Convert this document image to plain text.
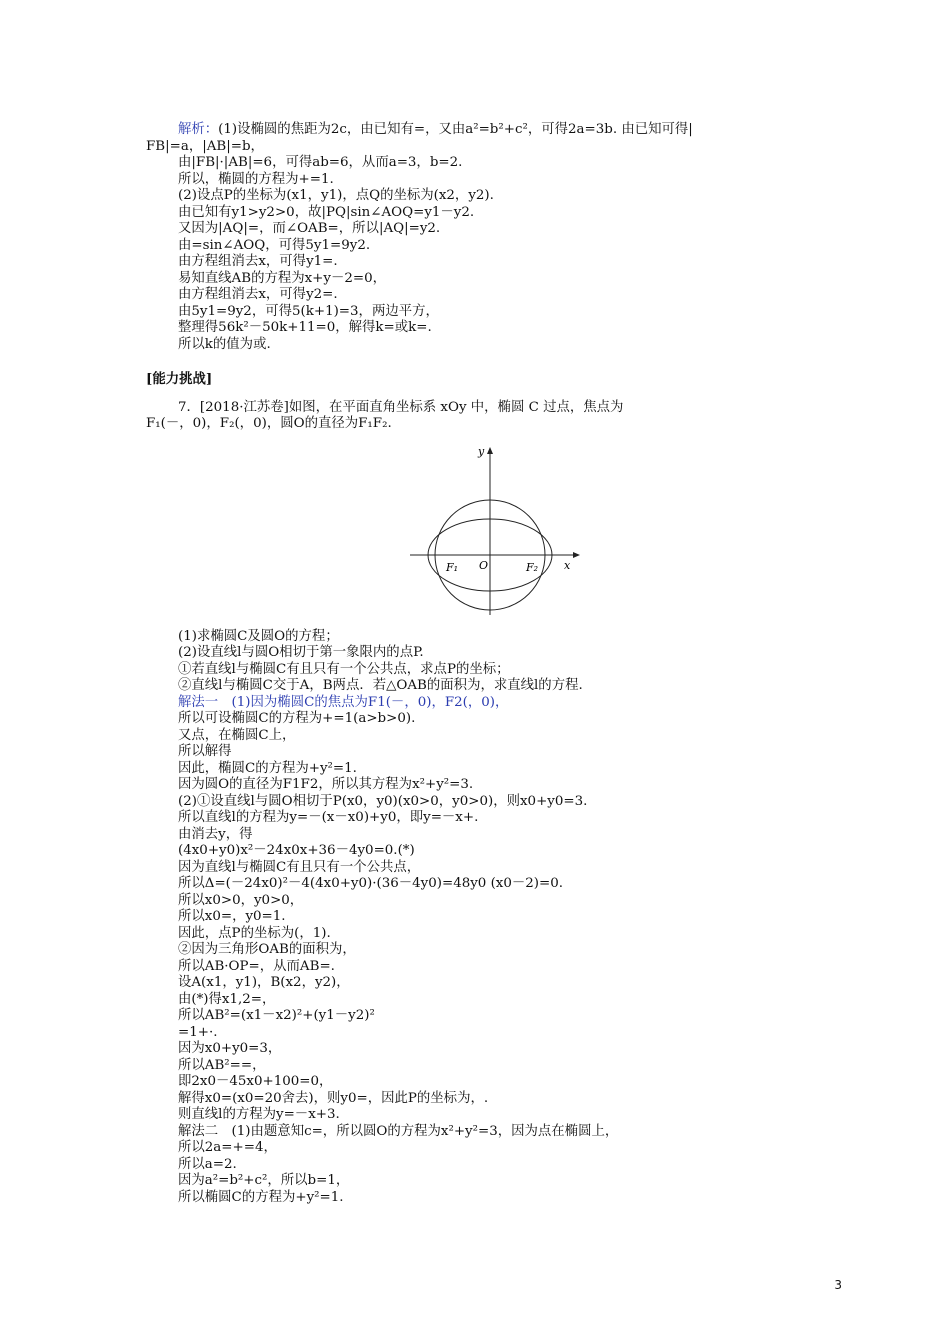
解析：(1)设椭圆的焦距为2c，由已知有=，又由a²=b²+c²，可得2a=3b. 由已知可得|
FB|=a，|AB|=b，
由|FB|·|AB|=6，可得ab=6，从而a=3，b=2.
所以，椭圆的方程为+=1.
(2)设点P的坐标为(x1，y1)，点Q的坐标为(x2，y2).
由已知有y1>y2>0，故|PQ|sin∠AOQ=y1－y2.
又因为|AQ|=，而∠OAB=，所以|AQ|=y2.
由=sin∠AOQ，可得5y1=9y2.
由方程组消去x，可得y1=.
易知直线AB的方程为x+y－2=0，
由方程组消去x，可得y2=.
由5y1=9y2，可得5(k+1)=3，两边平方，
整理得56k²－50k+11=0，解得k=或k=.
所以k的值为或.
[能力挑战]
7．[2018·江苏卷]如图，在平面直角坐标系 xOy 中，椭圆 C 过点，焦点为
F₁(－，0)，F₂(，0)，圆O的直径为F₁F₂.
y
x
O
F₁	F₂
(1)求椭圆C及圆O的方程；
(2)设直线l与圆O相切于第一象限内的点P.
①若直线l与椭圆C有且只有一个公共点，求点P的坐标；
②直线l与椭圆C交于A，B两点．若△OAB的面积为，求直线l的方程.
解法一　(1)因为椭圆C的焦点为F1(－，0)，F2(，0)，
所以可设椭圆C的方程为+=1(a>b>0).
又点，在椭圆C上，
所以解得
因此，椭圆C的方程为+y²=1.
因为圆O的直径为F1F2，所以其方程为x²+y²=3.
(2)①设直线l与圆O相切于P(x0，y0)(x0>0，y0>0)，则x0+y0=3.
所以直线l的方程为y=－(x－x0)+y0，即y=－x+.
由消去y，得
(4x0+y0)x²－24x0x+36－4y0=0.(*)
因为直线l与椭圆C有且只有一个公共点，
所以Δ=(－24x0)²－4(4x0+y0)·(36－4y0)=48y0 (x0－2)=0.
所以x0>0，y0>0，
所以x0=，y0=1.
因此，点P的坐标为(，1).
②因为三角形OAB的面积为，
所以AB·OP=，从而AB=.
设A(x1，y1)，B(x2，y2)，
由(*)得x1,2=，
所以AB²=(x1－x2)²+(y1－y2)²
=1+·.
因为x0+y0=3，
所以AB²==，
即2x0－45x0+100=0，
解得x0=(x0=20舍去)，则y0=，因此P的坐标为，.
则直线l的方程为y=－x+3.
解法二　(1)由题意知c=，所以圆O的方程为x²+y²=3，因为点在椭圆上，
所以2a=+=4，
所以a=2.
因为a²=b²+c²，所以b=1，
所以椭圆C的方程为+y²=1.
3
